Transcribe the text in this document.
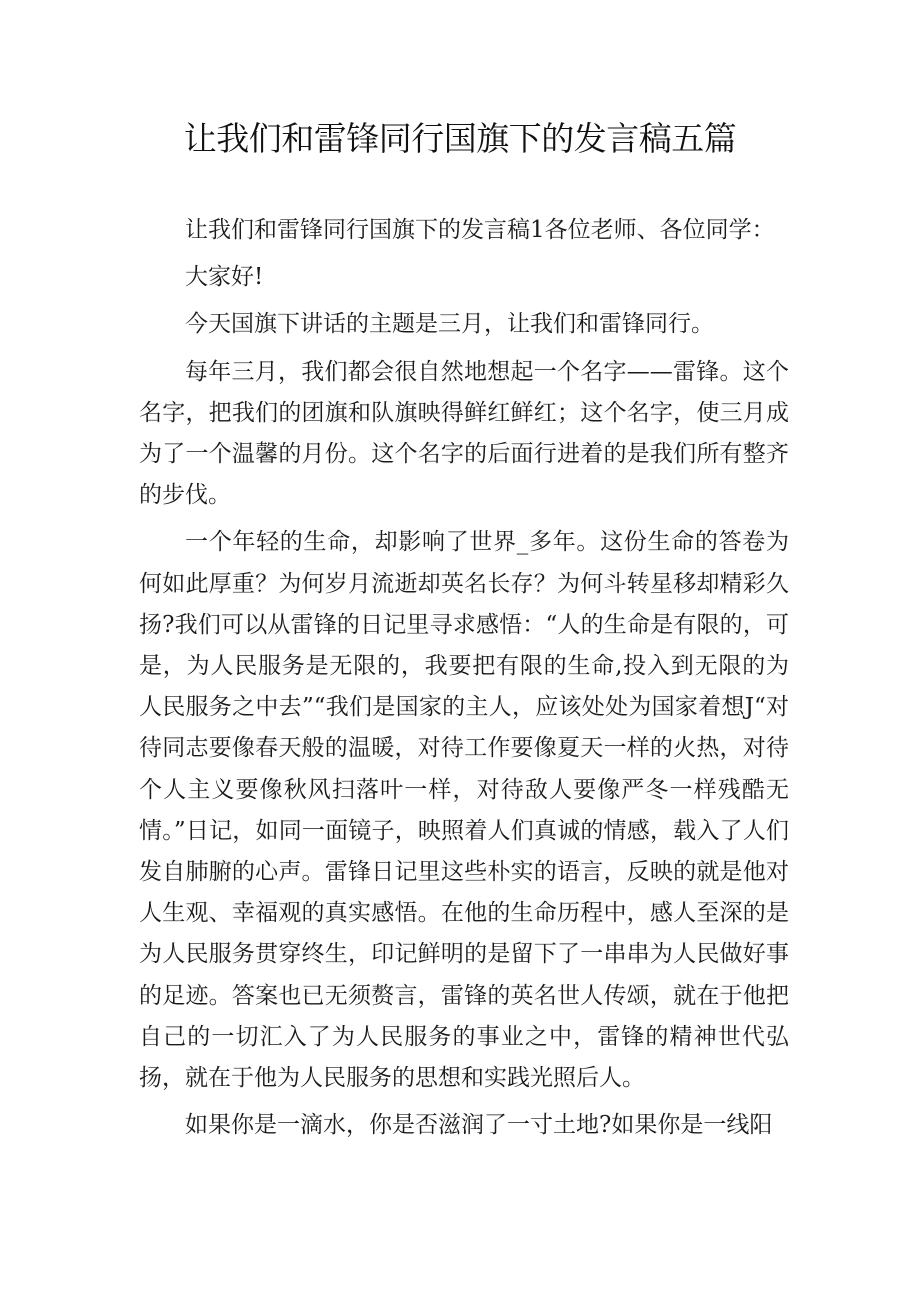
让我们和雷锋同行国旗下的发言稿五篇

让我们和雷锋同行国旗下的发言稿1各位老师、各位同学：

大家好!

今天国旗下讲话的主题是三月，让我们和雷锋同行。

每年三月，我们都会很自然地想起一个名字——雷锋。这个名字，把我们的团旗和队旗映得鲜红鲜红；这个名字，使三月成为了一个温馨的月份。这个名字的后面行进着的是我们所有整齐的步伐。

一个年轻的生命，却影响了世界_多年。这份生命的答卷为何如此厚重？为何岁月流逝却英名长存？为何斗转星移却精彩久扬?我们可以从雷锋的日记里寻求感悟：“人的生命是有限的，可是，为人民服务是无限的，我要把有限的生命,投入到无限的为人民服务之中去”“我们是国家的主人，应该处处为国家着想J“对待同志要像春天般的温暖，对待工作要像夏天一样的火热，对待个人主义要像秋风扫落叶一样，对待敌人要像严冬一样残酷无情。”日记，如同一面镜子，映照着人们真诚的情感，载入了人们发自肺腑的心声。雷锋日记里这些朴实的语言，反映的就是他对人生观、幸福观的真实感悟。在他的生命历程中，感人至深的是为人民服务贯穿终生，印记鲜明的是留下了一串串为人民做好事的足迹。答案也已无须赘言，雷锋的英名世人传颂，就在于他把自己的一切汇入了为人民服务的事业之中，雷锋的精神世代弘扬，就在于他为人民服务的思想和实践光照后人。

如果你是一滴水，你是否滋润了一寸土地?如果你是一线阳
